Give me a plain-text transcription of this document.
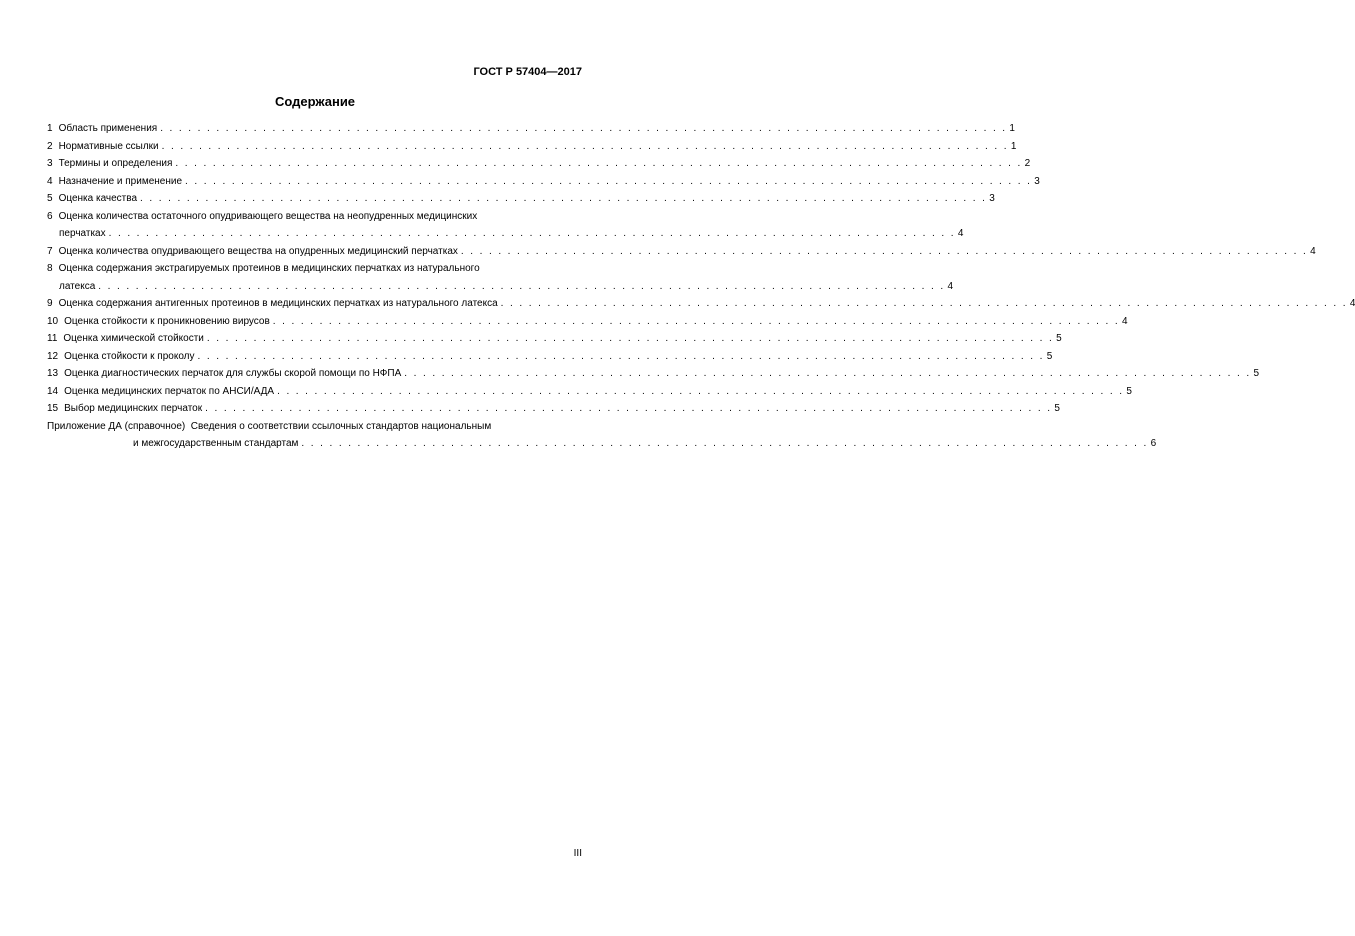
ГОСТ Р 57404—2017
Содержание
1 Область применения . . . . . . . . . . . . . . . . . . . . . . . . . . . . . . . . . . . . . . . . . . . . . . . . . . . . . . . . . . . . . . . . . . . . . . . . . . . . . . . . . . . . . . . . . . . 1
2 Нормативные ссылки . . . . . . . . . . . . . . . . . . . . . . . . . . . . . . . . . . . . . . . . . . . . . . . . . . . . . . . . . . . . . . . . . . . . . . . . . . . . . . . . . . . . . . . . . . . 1
3 Термины и определения . . . . . . . . . . . . . . . . . . . . . . . . . . . . . . . . . . . . . . . . . . . . . . . . . . . . . . . . . . . . . . . . . . . . . . . . . . . . . . . . . . . . . . . . . . . 2
4 Назначение и применение . . . . . . . . . . . . . . . . . . . . . . . . . . . . . . . . . . . . . . . . . . . . . . . . . . . . . . . . . . . . . . . . . . . . . . . . . . . . . . . . . . . . . . . . . . . 3
5 Оценка качества . . . . . . . . . . . . . . . . . . . . . . . . . . . . . . . . . . . . . . . . . . . . . . . . . . . . . . . . . . . . . . . . . . . . . . . . . . . . . . . . . . . . . . . . . . . 3
6 Оценка количества остаточного опудривающего вещества на неопудренных медицинских
перчатках . . . . . . . . . . . . . . . . . . . . . . . . . . . . . . . . . . . . . . . . . . . . . . . . . . . . . . . . . . . . . . . . . . . . . . . . . . . . . . . . . . . . . . . . . . . 4
7 Оценка количества опудривающего вещества на опудренных медицинский перчатках . . . . . . . . . . . . . . . . . . . . . . . . . . . . . . . . . . . . . . . . . . . . . . . . . . . . . . . . . . . . . . . . . . . . . . . . . . . . . . . . . . . . . . . . . . . 4
8 Оценка содержания экстрагируемых протеинов в медицинских перчатках из натурального
латекса . . . . . . . . . . . . . . . . . . . . . . . . . . . . . . . . . . . . . . . . . . . . . . . . . . . . . . . . . . . . . . . . . . . . . . . . . . . . . . . . . . . . . . . . . . . 4
9 Оценка содержания антигенных протеинов в медицинских перчатках из натурального латекса . . . . . . . . . . . . . . . . . . . . . . . . . . . . . . . . . . . . . . . . . . . . . . . . . . . . . . . . . . . . . . . . . . . . . . . . . . . . . . . . . . . . . . . . . . . 4
10 Оценка стойкости к проникновению вирусов . . . . . . . . . . . . . . . . . . . . . . . . . . . . . . . . . . . . . . . . . . . . . . . . . . . . . . . . . . . . . . . . . . . . . . . . . . . . . . . . . . . . . . . . . . . 4
11 Оценка химической стойкости . . . . . . . . . . . . . . . . . . . . . . . . . . . . . . . . . . . . . . . . . . . . . . . . . . . . . . . . . . . . . . . . . . . . . . . . . . . . . . . . . . . . . . . . . . . 5
12 Оценка стойкости к проколу . . . . . . . . . . . . . . . . . . . . . . . . . . . . . . . . . . . . . . . . . . . . . . . . . . . . . . . . . . . . . . . . . . . . . . . . . . . . . . . . . . . . . . . . . . . 5
13 Оценка диагностических перчаток для службы скорой помощи по НФПА . . . . . . . . . . . . . . . . . . . . . . . . . . . . . . . . . . . . . . . . . . . . . . . . . . . . . . . . . . . . . . . . . . . . . . . . . . . . . . . . . . . . . . . . . . . 5
14 Оценка медицинских перчаток по АНСИ/АДА . . . . . . . . . . . . . . . . . . . . . . . . . . . . . . . . . . . . . . . . . . . . . . . . . . . . . . . . . . . . . . . . . . . . . . . . . . . . . . . . . . . . . . . . . . . 5
15 Выбор медицинских перчаток . . . . . . . . . . . . . . . . . . . . . . . . . . . . . . . . . . . . . . . . . . . . . . . . . . . . . . . . . . . . . . . . . . . . . . . . . . . . . . . . . . . . . . . . . . . 5
Приложение ДА (справочное)  Сведения о соответствии ссылочных стандартов национальным
и межгосударственным стандартам . . . . . . . . . . . . . . . . . . . . . . . . . . . . . . . . . . . . . . . . . . . . . . . . . . . . . . . . . . . . . . . . . . . . . . . . . . . . . . . . . . . . . . . . . . . 6
III
